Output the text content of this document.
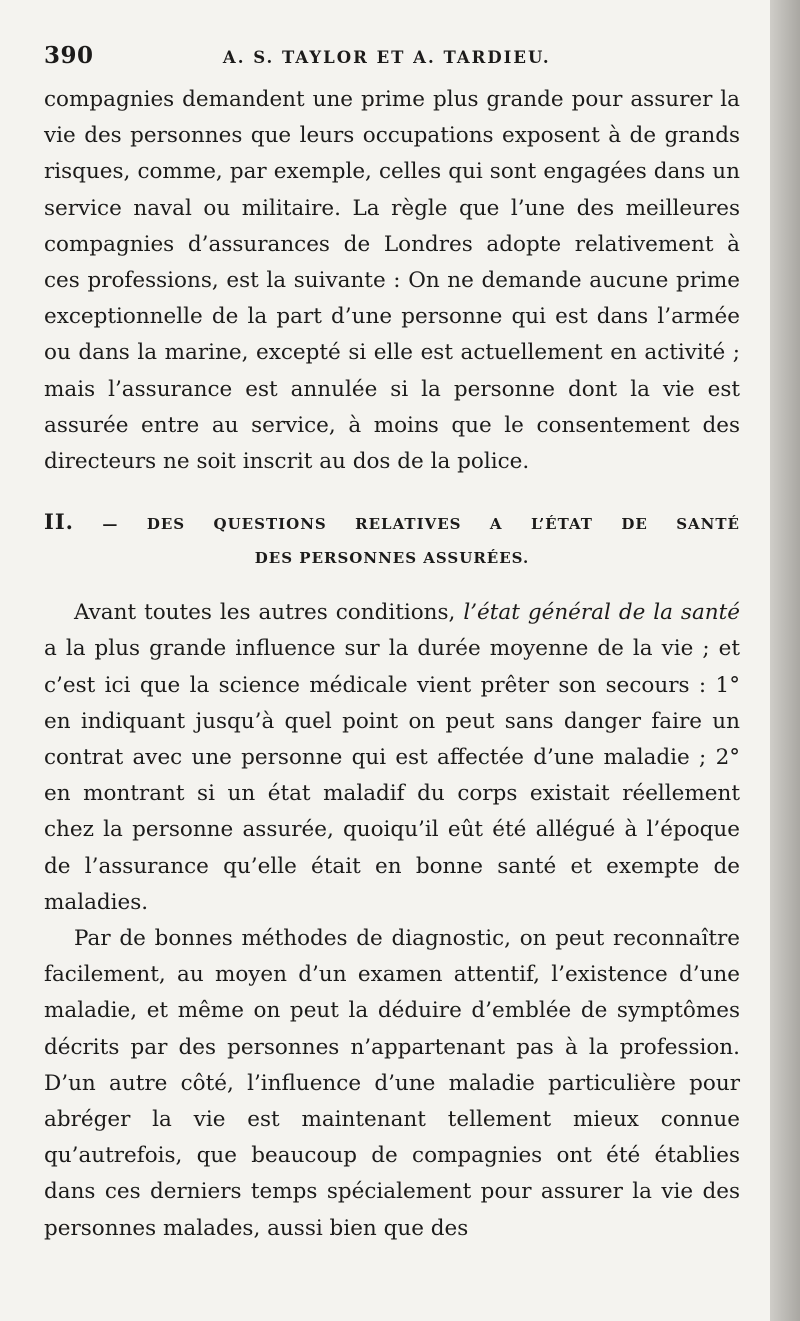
390	A. S. TAYLOR ET A. TARDIEU.

compagnies demandent une prime plus grande pour assurer la vie des personnes que leurs occupations exposent à de grands risques, comme, par exemple, celles qui sont engagées dans un service naval ou militaire. La règle que l’une des meilleures compagnies d’assurances de Londres adopte relativement à ces professions, est la suivante : On ne demande aucune prime exceptionnelle de la part d’une personne qui est dans l’armée ou dans la marine, excepté si elle est actuellement en activité ; mais l’assurance est annulée si la personne dont la vie est assurée entre au service, à moins que le consentement des directeurs ne soit inscrit au dos de la police.

II. — DES QUESTIONS RELATIVES A L’ÉTAT DE SANTÉ
DES PERSONNES ASSURÉES.

Avant toutes les autres conditions, l’état général de la santé a la plus grande influence sur la durée moyenne de la vie ; et c’est ici que la science médicale vient prêter son secours : 1° en indiquant jusqu’à quel point on peut sans danger faire un contrat avec une personne qui est affectée d’une maladie ; 2° en montrant si un état maladif du corps existait réellement chez la personne assurée, quoiqu’il eût été allégué à l’époque de l’assurance qu’elle était en bonne santé et exempte de maladies.

Par de bonnes méthodes de diagnostic, on peut reconnaître facilement, au moyen d’un examen attentif, l’existence d’une maladie, et même on peut la déduire d’emblée de symptômes décrits par des personnes n’appartenant pas à la profession. D’un autre côté, l’influence d’une maladie particulière pour abréger la vie est maintenant tellement mieux connue qu’autrefois, que beaucoup de compagnies ont été établies dans ces derniers temps spécialement pour assurer la vie des personnes malades, aussi bien que des
